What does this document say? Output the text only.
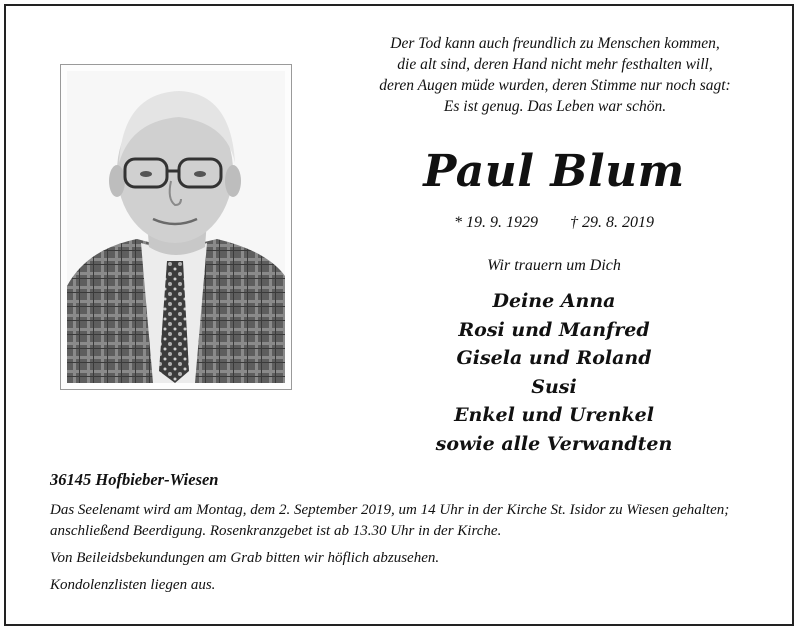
Der Tod kann auch freundlich zu Menschen kommen,
die alt sind, deren Hand nicht mehr festhalten will,
deren Augen müde wurden, deren Stimme nur noch sagt:
Es ist genug. Das Leben war schön.
Paul Blum
* 19. 9. 1929 † 29. 8. 2019
Wir trauern um Dich
Deine Anna
Rosi und Manfred
Gisela und Roland
Susi
Enkel und Urenkel
sowie alle Verwandten
36145 Hofbieber-Wiesen

Das Seelenamt wird am Montag, dem 2. September 2019, um 14 Uhr in der Kirche St. Isidor zu Wiesen gehalten; anschließend Beerdigung. Rosenkranzgebet ist ab 13.30 Uhr in der Kirche.

Von Beileidsbekundungen am Grab bitten wir höflich abzusehen.

Kondolenzlisten liegen aus.
